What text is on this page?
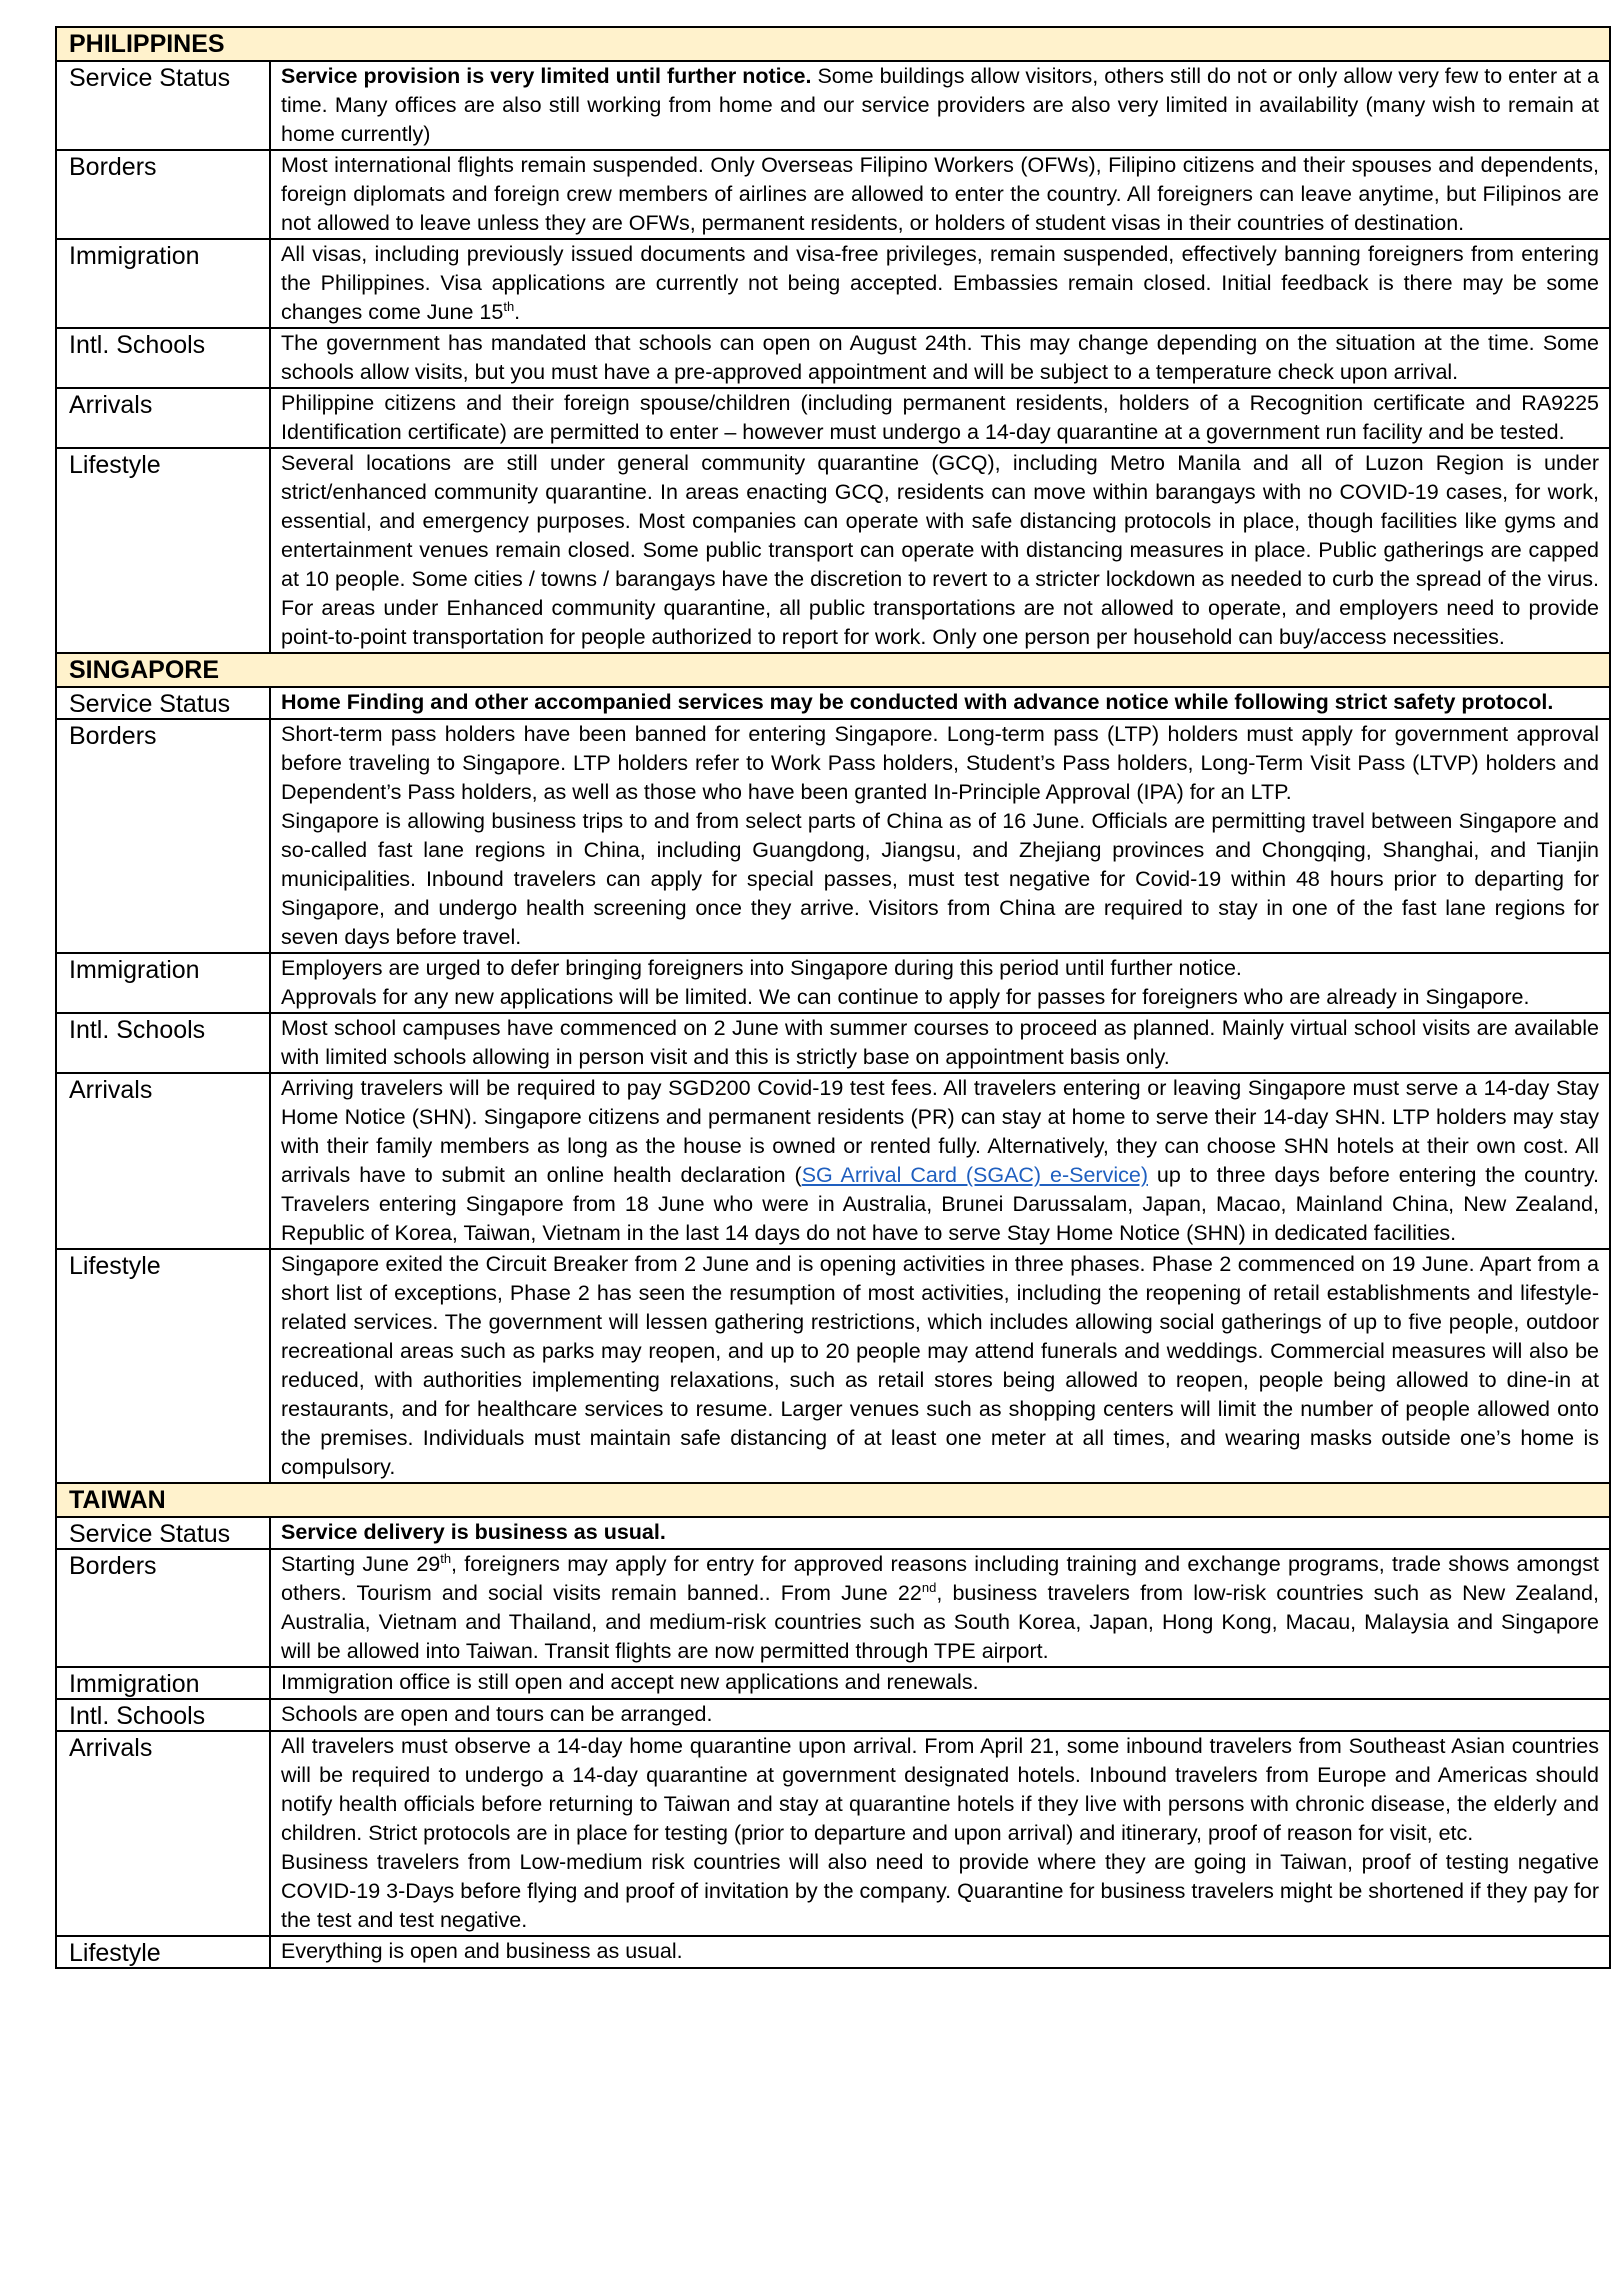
PHILIPPINES	
Service Status	Service provision is very limited until further notice. Some buildings allow visitors, others still do not or only allow very few to enter at a time. Many offices are also still working from home and our service providers are also very limited in availability (many wish to remain at home currently)
Borders	Most international flights remain suspended. Only Overseas Filipino Workers (OFWs), Filipino citizens and their spouses and dependents, foreign diplomats and foreign crew members of airlines are allowed to enter the country. All foreigners can leave anytime, but Filipinos are not allowed to leave unless they are OFWs, permanent residents, or holders of student visas in their countries of destination.
Immigration	All visas, including previously issued documents and visa-free privileges, remain suspended, effectively banning foreigners from entering the Philippines. Visa applications are currently not being accepted. Embassies remain closed. Initial feedback is there may be some changes come June 15th.
Intl. Schools	The government has mandated that schools can open on August 24th. This may change depending on the situation at the time. Some schools allow visits, but you must have a pre-approved appointment and will be subject to a temperature check upon arrival.
Arrivals	Philippine citizens and their foreign spouse/children (including permanent residents, holders of a Recognition certificate and RA9225 Identification certificate) are permitted to enter – however must undergo a 14-day quarantine at a government run facility and be tested.
Lifestyle	Several locations are still under general community quarantine (GCQ), including Metro Manila and all of Luzon Region is under strict/enhanced community quarantine. In areas enacting GCQ, residents can move within barangays with no COVID-19 cases, for work, essential, and emergency purposes. Most companies can operate with safe distancing protocols in place, though facilities like gyms and entertainment venues remain closed. Some public transport can operate with distancing measures in place. Public gatherings are capped at 10 people. Some cities / towns / barangays have the discretion to revert to a stricter lockdown as needed to curb the spread of the virus. For areas under Enhanced community quarantine, all public transportations are not allowed to operate, and employers need to provide point-to-point transportation for people authorized to report for work. Only one person per household can buy/access necessities.
SINGAPORE	
Service Status	Home Finding and other accompanied services may be conducted with advance notice while following strict safety protocol.
Borders	Short-term pass holders have been banned for entering Singapore. Long-term pass (LTP) holders must apply for government approval before traveling to Singapore. LTP holders refer to Work Pass holders, Student’s Pass holders, Long-Term Visit Pass (LTVP) holders and Dependent’s Pass holders, as well as those who have been granted In-Principle Approval (IPA) for an LTP.
Singapore is allowing business trips to and from select parts of China as of 16 June. Officials are permitting travel between Singapore and so-called fast lane regions in China, including Guangdong, Jiangsu, and Zhejiang provinces and Chongqing, Shanghai, and Tianjin municipalities. Inbound travelers can apply for special passes, must test negative for Covid-19 within 48 hours prior to departing for Singapore, and undergo health screening once they arrive. Visitors from China are required to stay in one of the fast lane regions for seven days before travel.

Immigration	Employers are urged to defer bringing foreigners into Singapore during this period until further notice.
Approvals for any new applications will be limited. We can continue to apply for passes for foreigners who are already in Singapore.

Intl. Schools	Most school campuses have commenced on 2 June with summer courses to proceed as planned. Mainly virtual school visits are available with limited schools allowing in person visit and this is strictly base on appointment basis only.
Arrivals	Arriving travelers will be required to pay SGD200 Covid-19 test fees. All travelers entering or leaving Singapore must serve a 14-day Stay Home Notice (SHN). Singapore citizens and permanent residents (PR) can stay at home to serve their 14-day SHN. LTP holders may stay with their family members as long as the house is owned or rented fully. Alternatively, they can choose SHN hotels at their own cost. All arrivals have to submit an online health declaration (SG Arrival Card (SGAC) e-Service) up to three days before entering the country. Travelers entering Singapore from 18 June who were in Australia, Brunei Darussalam, Japan, Macao, Mainland China, New Zealand, Republic of Korea, Taiwan, Vietnam in the last 14 days do not have to serve Stay Home Notice (SHN) in dedicated facilities.
Lifestyle	Singapore exited the Circuit Breaker from 2 June and is opening activities in three phases. Phase 2 commenced on 19 June. Apart from a short list of exceptions, Phase 2 has seen the resumption of most activities, including the reopening of retail establishments and lifestyle-related services. The government will lessen gathering restrictions, which includes allowing social gatherings of up to five people, outdoor recreational areas such as parks may reopen, and up to 20 people may attend funerals and weddings. Commercial measures will also be reduced, with authorities implementing relaxations, such as retail stores being allowed to reopen, people being allowed to dine-in at restaurants, and for healthcare services to resume. Larger venues such as shopping centers will limit the number of people allowed onto the premises. Individuals must maintain safe distancing of at least one meter at all times, and wearing masks outside one’s home is compulsory.
TAIWAN	
Service Status	Service delivery is business as usual.
Borders	Starting June 29th, foreigners may apply for entry for approved reasons including training and exchange programs, trade shows amongst others. Tourism and social visits remain banned.. From June 22nd, business travelers from low-risk countries such as New Zealand, Australia, Vietnam and Thailand, and medium-risk countries such as South Korea, Japan, Hong Kong, Macau, Malaysia and Singapore will be allowed into Taiwan. Transit flights are now permitted through TPE airport.
Immigration	Immigration office is still open and accept new applications and renewals.
Intl. Schools	Schools are open and tours can be arranged.
Arrivals	All travelers must observe a 14-day home quarantine upon arrival. From April 21, some inbound travelers from Southeast Asian countries will be required to undergo a 14-day quarantine at government designated hotels. Inbound travelers from Europe and Americas should notify health officials before returning to Taiwan and stay at quarantine hotels if they live with persons with chronic disease, the elderly and children. Strict protocols are in place for testing (prior to departure and upon arrival) and itinerary, proof of reason for visit, etc.
Business travelers from Low-medium risk countries will also need to provide where they are going in Taiwan, proof of testing negative COVID-19 3-Days before flying and proof of invitation by the company. Quarantine for business travelers might be shortened if they pay for the test and test negative.

Lifestyle	Everything is open and business as usual.
